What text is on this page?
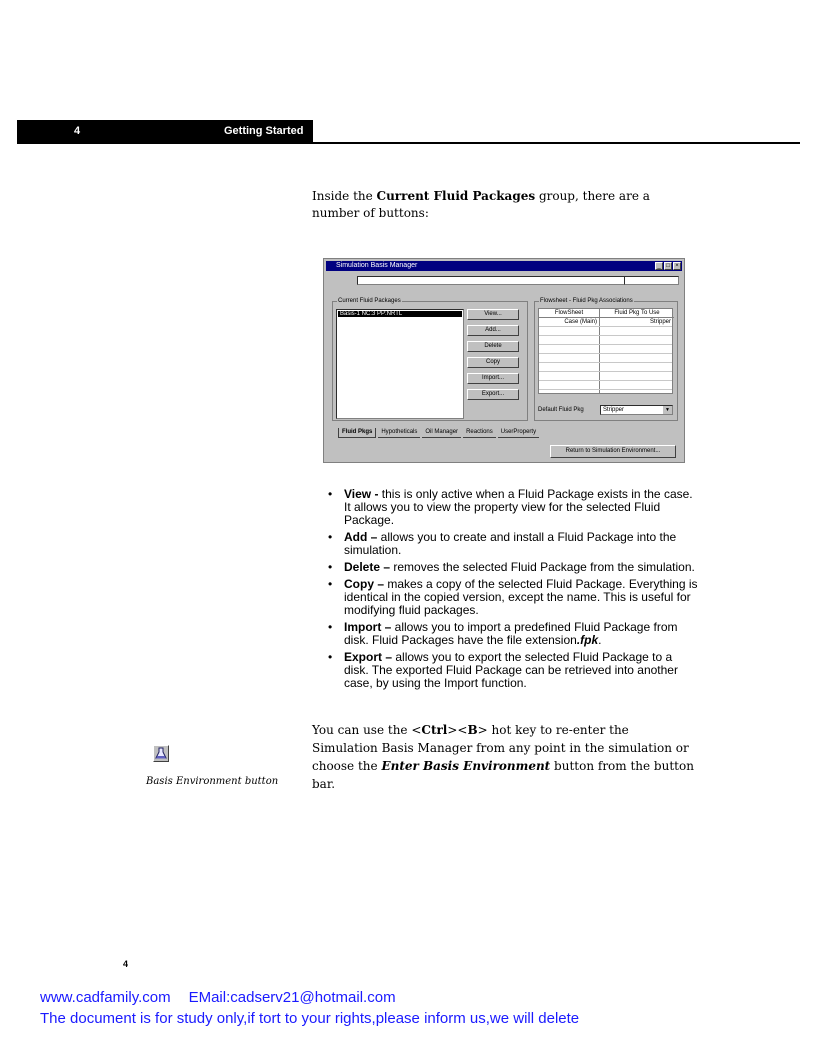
4	Getting Started

Inside the Current Fluid Packages group, there are a number of buttons:

Simulation Basis Manager	_ □ ×
Current Fluid Packages
Basis-1 NC:3 PP:NRTL	View...
Add...
Delete
Copy
Import...
Export...
Flowsheet - Fluid Pkg Associations
FlowSheet	Fluid Pkg To Use
Case (Main)	Stripper
Default Fluid Pkg	Stripper	▼
Fluid Pkgs	Hypotheticals	Oil Manager	Reactions	UserProperty
Return to Simulation Environment...
• View - this is only active when a Fluid Package exists in the case. It allows you to view the property view for the selected Fluid Package.
• Add – allows you to create and install a Fluid Package into the simulation.
• Delete – removes the selected Fluid Package from the simulation.
• Copy – makes a copy of the selected Fluid Package. Everything is identical in the copied version, except the name. This is useful for modifying fluid packages.
• Import – allows you to import a predefined Fluid Package from disk. Fluid Packages have the file extension.fpk.
• Export – allows you to export the selected Fluid Package to a disk. The exported Fluid Package can be retrieved into another case, by using the Import function.

You can use the <Ctrl><B> hot key to re-enter the Simulation Basis Manager from any point in the simulation or choose the Enter Basis Environment button from the button bar.

Basis Environment button
4
www.cadfamily.com EMail:cadserv21@hotmail.com
The document is for study only,if tort to your rights,please inform us,we will delete
